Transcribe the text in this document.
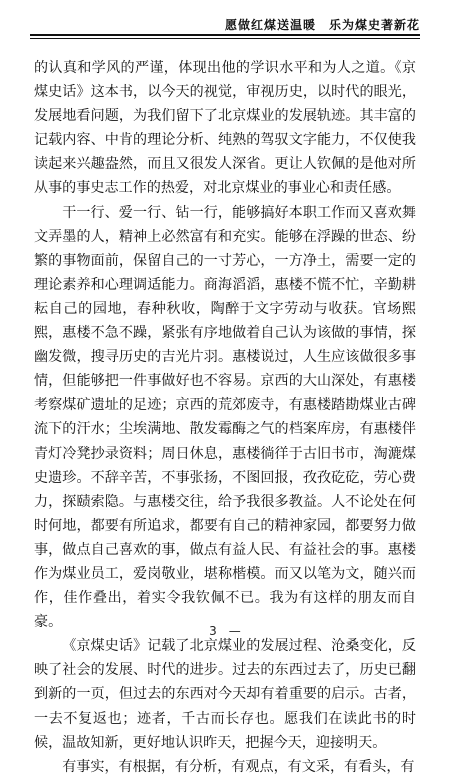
愿做红煤送温暖　乐为煤史著新花

的认真和学风的严谨，体现出他的学识水平和为人之道。《京煤史话》这本书，以今天的视觉，审视历史，以时代的眼光，发展地看问题，为我们留下了北京煤业的发展轨迹。其丰富的记载内容、中肯的理论分析、纯熟的驾驭文字能力，不仅使我读起来兴趣盎然，而且又很发人深省。更让人钦佩的是他对所从事的事史志工作的热爱，对北京煤业的事业心和责任感。

干一行、爱一行、钻一行，能够搞好本职工作而又喜欢舞文弄墨的人，精神上必然富有和充实。能够在浮躁的世态、纷繁的事物面前，保留自己的一寸芳心，一方净土，需要一定的理论素养和心理调适能力。商海滔滔，惠楼不慌不忙，辛勤耕耘自己的园地，春种秋收，陶醉于文字劳动与收获。官场熙熙，惠楼不急不躁，紧张有序地做着自己认为该做的事情，探幽发微，搜寻历史的吉光片羽。惠楼说过，人生应该做很多事情，但能够把一件事做好也不容易。京西的大山深处，有惠楼考察煤矿遗址的足迹；京西的荒郊废寺，有惠楼踏勘煤业古碑流下的汗水；尘埃满地、散发霉酶之气的档案库房，有惠楼伴青灯冷凳抄录资料；周日休息，惠楼徜徉于古旧书市，淘漉煤史遗珍。不辞辛苦，不事张扬，不图回报，孜孜矻矻，劳心费力，探赜索隐。与惠楼交往，给予我很多教益。人不论处在何时何地，都要有所追求，都要有自己的精神家园，都要努力做事，做点自己喜欢的事，做点有益人民、有益社会的事。惠楼作为煤业员工，爱岗敬业，堪称楷模。而又以笔为文，随兴而作，佳作叠出，着实令我钦佩不已。我为有这样的朋友而自豪。

《京煤史话》记载了北京煤业的发展过程、沧桑变化，反映了社会的发展、时代的进步。过去的东西过去了，历史已翻到新的一页，但过去的东西对今天却有着重要的启示。古者，一去不复返也；迹者，千古而长存也。愿我们在读此书的时候，温故知新，更好地认识昨天，把握今天，迎接明天。

有事实，有根据，有分析，有观点，有文采，有看头，有

3　—
